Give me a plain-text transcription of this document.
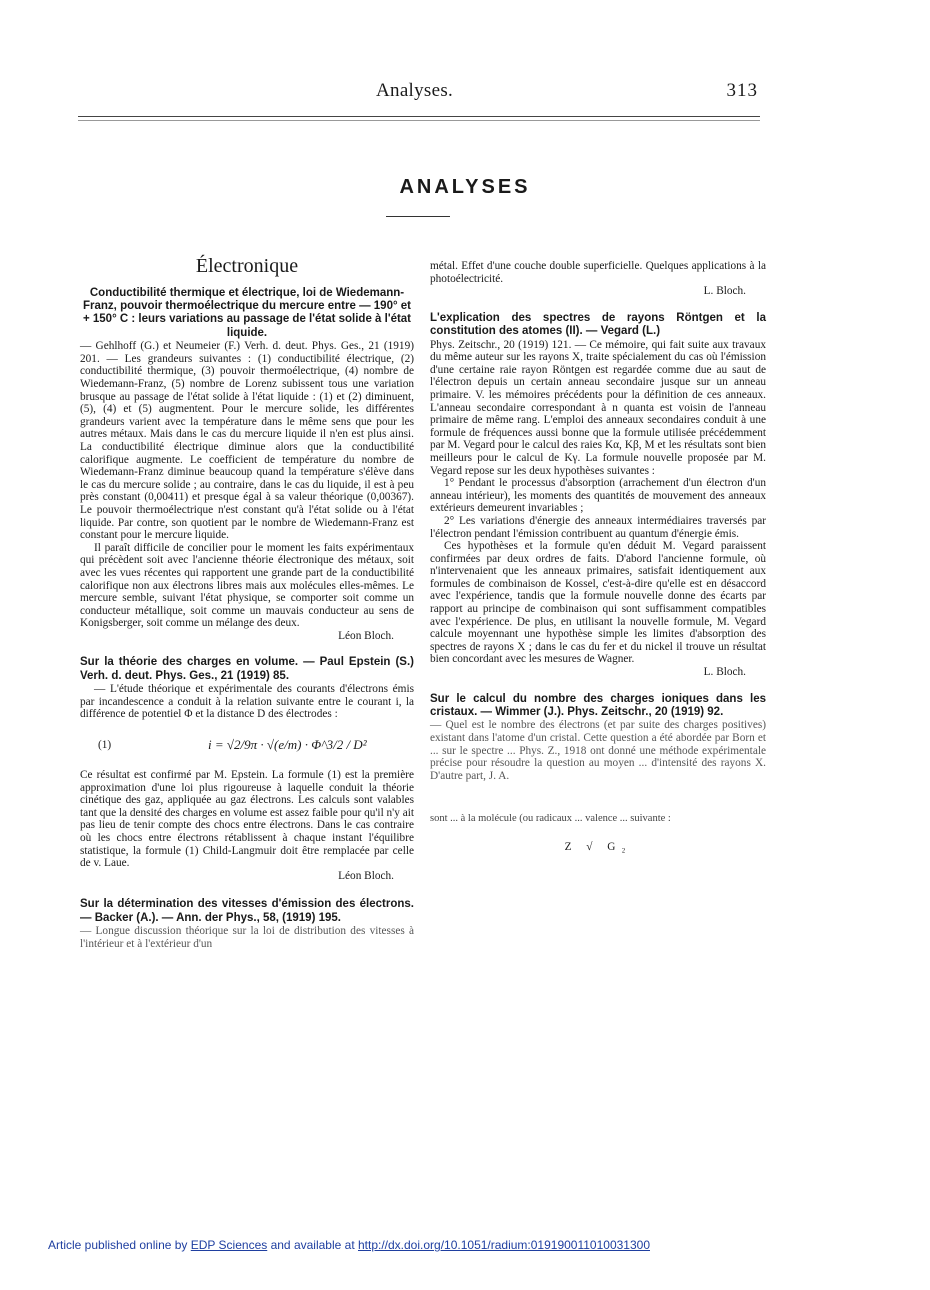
Analyses.	313
ANALYSES
Électronique
Conductibilité thermique et électrique, loi de Wiedemann-Franz, pouvoir thermoélectrique du mercure entre — 190° et + 150° C : leurs variations au passage de l'état solide à l'état liquide.

— Gehlhoff (G.) et Neumeier (F.) Verh. d. deut. Phys. Ges., 21 (1919) 201. — Les grandeurs suivantes : (1) conductibilité électrique, (2) conductibilité thermique, (3) pouvoir thermoélectrique, (4) nombre de Wiedemann-Franz, (5) nombre de Lorenz subissent tous une variation brusque au passage de l'état solide à l'état liquide : (1) et (2) diminuent, (5), (4) et (5) augmentent. Pour le mercure solide, les différentes grandeurs varient avec la température dans le même sens que pour les autres métaux. Mais dans le cas du mercure liquide il n'en est plus ainsi. La conductibilité électrique diminue alors que la conductibilité calorifique augmente. Le coefficient de température du nombre de Wiedemann-Franz diminue beaucoup quand la température s'élève dans le cas du mercure solide ; au contraire, dans le cas du liquide, il est à peu près constant (0,00411) et presque égal à sa valeur théorique (0,00367). Le pouvoir thermoélectrique n'est constant qu'à l'état solide ou à l'état liquide. Par contre, son quotient par le nombre de Wiedemann-Franz est constant pour le mercure liquide.

Il paraît difficile de concilier pour le moment les faits expérimentaux qui précèdent soit avec l'ancienne théorie électronique des métaux, soit avec les vues récentes qui rapportent une grande part de la conductibilité calorifique non aux électrons libres mais aux molécules elles-mêmes. Le mercure semble, suivant l'état physique, se comporter soit comme un conducteur métallique, soit comme un mauvais conducteur au sens de Konigsberger, soit comme un mélange des deux.

Léon Bloch.
Sur la théorie des charges en volume. — Paul Epstein (S.) Verh. d. deut. Phys. Ges., 21 (1919) 85.

— L'étude théorique et expérimentale des courants d'électrons émis par incandescence a conduit à la relation suivante entre le courant i, la différence de potentiel Φ et la distance D des électrodes :

(1)	i = √2/9π · √(e/m) · Φ^3/2 / D²

Ce résultat est confirmé par M. Epstein. La formule (1) est la première approximation d'une loi plus rigoureuse à laquelle conduit la théorie cinétique des gaz, appliquée au gaz électrons. Les calculs sont valables tant que la densité des charges en volume est assez faible pour qu'il n'y ait pas lieu de tenir compte des chocs entre électrons. Dans le cas contraire où les chocs entre électrons rétablissent à chaque instant l'équilibre statistique, la formule (1) Child-Langmuir doit être remplacée par celle de v. Laue.

Léon Bloch.
Sur la détermination des vitesses d'émission des électrons. — Backer (A.). — Ann. der Phys., 58, (1919) 195.

— Longue discussion théorique sur la loi de distribution des vitesses à l'intérieur et à l'extérieur d'un

métal. Effet d'une couche double superficielle. Quelques applications à la photoélectricité.

L. Bloch.
L'explication des spectres de rayons Röntgen et la constitution des atomes (II). — Vegard (L.)

Phys. Zeitschr., 20 (1919) 121. — Ce mémoire, qui fait suite aux travaux du même auteur sur les rayons X, traite spécialement du cas où l'émission d'une certaine raie rayon Röntgen est regardée comme due au saut de l'électron depuis un certain anneau secondaire jusque sur un anneau primaire. V. les mémoires précédents pour la définition de ces anneaux. L'anneau secondaire correspondant à n quanta est voisin de l'anneau primaire de même rang. L'emploi des anneaux secondaires conduit à une formule de fréquences aussi bonne que la formule utilisée précédemment par M. Vegard pour le calcul des raies Kα, Kβ, M et les résultats sont bien meilleurs pour le calcul de Kγ. La formule nouvelle proposée par M. Vegard repose sur les deux hypothèses suivantes :

1° Pendant le processus d'absorption (arrachement d'un électron d'un anneau intérieur), les moments des quantités de mouvement des anneaux extérieurs demeurent invariables ;

2° Les variations d'énergie des anneaux intermédiaires traversés par l'électron pendant l'émission contribuent au quantum d'énergie émis.

Ces hypothèses et la formule qu'en déduit M. Vegard paraissent confirmées par deux ordres de faits. D'abord l'ancienne formule, où n'intervenaient que les anneaux primaires, satisfait identiquement aux formules de combinaison de Kossel, c'est-à-dire qu'elle est en désaccord avec l'expérience, tandis que la formule nouvelle donne des écarts par rapport au principe de combinaison qui sont suffisamment compatibles avec l'expérience. De plus, en utilisant la nouvelle formule, M. Vegard calcule moyennant une hypothèse simple les limites d'absorption des spectres de rayons X ; dans le cas du fer et du nickel il trouve un résultat bien concordant avec les mesures de Wagner.

L. Bloch.
Sur le calcul du nombre des charges ioniques dans les cristaux. — Wimmer (J.). Phys. Zeitschr., 20 (1919) 92.

— Quel est le nombre des électrons (et par suite des charges positives) existant dans l'atome d'un cristal. Cette question a été abordée par Born et ... sur le spectre ... Phys. Z., 1918 ont donné une méthode expérimentale précise pour résoudre la question au moyen ... d'intensité des rayons X. D'autre part, J. A.

sont ... à la molécule (ou radicaux ... valence ... suivante :
Z √ G₂
Article published online by EDP Sciences and available at http://dx.doi.org/10.1051/radium:019190011010031300
